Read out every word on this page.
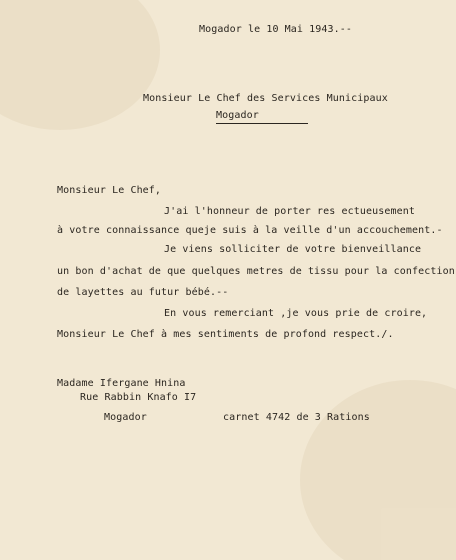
Mogador le 10 Mai 1943.--
Monsieur Le Chef des Services Municipaux
Mogador
Monsieur Le Chef,
J'ai l'honneur de porter res ectueusement
à votre connaissance queje suis à la veille d'un accouchement.-
Je viens solliciter de votre bienveillance
un bon d'achat de que quelques metres de tissu pour la confection
de layettes au futur bébé.--
En vous remerciant ,je vous prie de croire,
Monsieur Le Chef à mes sentiments de profond respect./.
Madame Ifergane Hnina
Rue Rabbin Knafo I7
Mogador	carnet 4742 de 3 Rations
